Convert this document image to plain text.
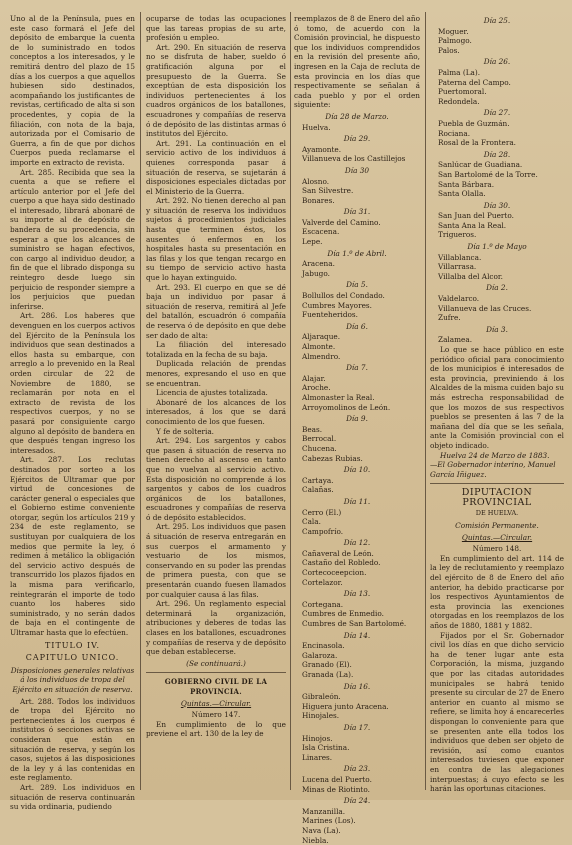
Uno al de la Península, pues en este caso formará el Jefe del depósito de embarque la cuenta de lo suministrado en todos conceptos a los interesados, y le remitirá dentro del plazo de 15 días a los cuerpos a que aquellos hubiesen sido destinados, acompañando los justificantes de revistas, certificado de alta si son procedentes, y copia de la filiación, con nota de la baja, autorizada por el Comisario de Guerra, a fin de que por dichos Cuerpos pueda reclamarse el importe en extracto de revista.

Art. 285. Recibida que sea la cuenta a que se refiere el artículo anterior por el Jefe del cuerpo a que haya sido destinado el interesado, librará abonaré de su importe al de depósito de bandera de su procedencia, sin esperar a que los alcances de suministro se hagan efectivos, con cargo al individuo deudor, a fin de que el librado disponga su reintegro desde luego sin perjuicio de responder siempre a los perjuicios que puedan inferirse.

Art. 286. Los haberes que devenguen en los cuerpos activos del Ejército de la Península los individuos que sean destinados a ellos hasta su embarque, con arreglo a lo prevenido en la Real orden circular de 22 de Noviembre de 1880, se reclamarán por nota en el extracto de revista de los respectivos cuerpos, y no se pasará por consiguiente cargo alguno al depósito de bandera en que después tengan ingreso los interesados.

Art. 287. Los reclutas destinados por sorteo a los Ejércitos de Ultramar que por virtud de concesiones de carácter general o especiales que el Gobierno estime conveniente otorgar, según los artículos 219 y 234 de este reglamento, se sustituyan por cualquiera de los medios que permite la ley, ó redimen á metálico la obligación del servicio activo después de transcurrido los plazos fijados en la misma para verificarlo, reintegrarán el importe de todo cuanto los haberes sido suministrado, y no serán dados de baja en el contingente de Ultramar hasta que lo efectúen.

TITULO IV.
CAPITULO UNICO.
Disposiciones generales relativas á los individuos de tropa del Ejército en situación de reserva.

Art. 288. Todos los individuos de tropa del Ejército no pertenecientes á los cuerpos é institutos ó secciones activas se consideran que están en situación de reserva, y según los casos, sujetos á las disposiciones de la ley y á las contenidas en este reglamento.

Art. 289. Los individuos en situación de reserva continuarán su vida ordinaria, pudiendo

ocuparse de todas las ocupaciones que las tareas propias de su arte, profesión u empleo.

Art. 290. En situación de reserva no se disfruta de haber, sueldo ó gratificación alguna por el presupuesto de la Guerra. Se exceptúan de esta disposición los individuos pertenecientes á los cuadros orgánicos de los batallones, escuadrones y compañías de reserva ó de depósito de las distintas armas ó institutos del Ejército.

Art. 291. La continuación en el servicio activo de los individuos á quienes corresponda pasar á situación de reserva, se sujetarán á disposiciones especiales dictadas por el Ministerio de la Guerra.

Art. 292. No tienen derecho al pan y situación de reserva los individuos sujetos á procedimientos judiciales hasta que terminen éstos, los ausentes ó enfermos en los hospitales hasta su presentación en las filas y los que tengan recargo en su tiempo de servicio activo hasta que lo hayan extinguido.

Art. 293. El cuerpo en que se dé baja un individuo por pasar á situación de reserva, remitirá al Jefe del batallón, escuadrón ó compañía de reserva ó de depósito en que debe ser dado de alta:

La filiación del interesado totalizada en la fecha de su baja.

Duplicada relación de prendas menores, expresando el uso en que se encuentran.

Licencia de ajustes totalizada.

Abonaré de los alcances de los interesados, á los que se dará conocimiento de los que fuesen.

Y fe de solteria.

Art. 294. Los sargentos y cabos que pasen á situación de reserva no tienen derecho al ascenso en tanto que no vuelvan al servicio activo. Esta disposición no comprende á los sargentos y cabos de los cuadros orgánicos de los batallones, escuadrones y compañías de reserva ó de depósito establecidos.

Art. 295. Los individuos que pasen á situación de reserva entregarán en sus cuerpos el armamento y vestuario de los mismos, conservando en su poder las prendas de primera puesta, con que se presentarán cuando fuesen llamados por cualquier causa á las filas.

Art. 296. Un reglamento especial determinará la organización, atribuciones y deberes de todas las clases en los batallones, escuadrones y compañías de reserva y de depósito que deban establecerse.

(Se continuará.)
GOBIERNO CIVIL DE LA PROVINCIA.
Quintas.—Circular.
Número 147.

En cumplimiento de lo que previene el art. 130 de la ley de

reemplazos de 8 de Enero del año ó tomo, de acuerdo con la Comisión provincial, he dispuesto que los individuos comprendidos en la revisión del presente año, ingresen en la Caja de recluta de esta provincia en los días que respectivamente se señalan á cada pueblo y por el orden siguiente:

Día 28 de Marzo.
Huelva.
Día 29.
Ayamonte.
Villanueva de los Castillejos
Día 30
Alosno.
San Silvestre.
Bonares.
Día 31.
Valverde del Camino.
Escacena.
Lepe.
Día 1.º de Abril.
Aracena.
Jabugo.
Día 5.
Bollullos del Condado.
Cumbres Mayores.
Fuenteheridos.
Día 6.
Aljaraque.
Almonte.
Almendro.
Día 7.
Alajar.
Aroche.
Almonaster la Real.
Arroyomolinos de León.
Día 9.
Beas.
Berrocal.
Chucena.
Cabezas Rubias.
Día 10.
Cartaya.
Calañas.
Día 11.
Cerro (El.)
Cala.
Campofrío.
Día 12.
Cañaveral de León.
Castaño del Robledo.
Cortecoceepcion.
Cortelazor.
Día 13.
Cortegana.
Cumbres de Enmedio.
Cumbres de San Bartolomé.
Día 14.
Encinasola.
Galaroza.
Granado (El).
Granada (La).
Día 16.
Gibraleón.
Higuera junto Aracena.
Hinojales.
Día 17.
Hinojos.
Isla Cristina.
Linares.
Día 23.
Lucena del Puerto.
Minas de Riotinto.
Día 24.
Manzanilla.
Marines (Los).
Nava (La).
Niebla.
Día 25.
Moguer.
Palmogo.
Palos.
Día 26.
Palma (La).
Paterna del Campo.
Puertomoral.
Redondela.
Día 27.
Puebla de Guzmán.
Rociana.
Rosal de la Frontera.
Día 28.
Sanlúcar de Guadiana.
San Bartolomé de la Torre.
Santa Bárbara.
Santa Olalla.
Día 30.
San Juan del Puerto.
Santa Ana la Real.
Trigueros.
Día 1.º de Mayo
Villablanca.
Villarrasa.
Villalba del Alcor.
Día 2.
Valdelarco.
Villanueva de las Cruces.
Zufre.
Día 3.
Zalamea.

Lo que se hace público en este periódico oficial para conocimiento de los municipios é interesados de esta provincia, previniendo á los Alcaldes de la misma cuiden bajo su más estrecha responsabilidad de que los mozos de sus respectivos pueblos se presenten á las 7 de la mañana del día que se les señala, ante la Comisión provincial con el objeto indicado.

Huelva 24 de Marzo de 1883.

—El Gobernador interino, Manuel García Iñiguez.

DIPUTACION PROVINCIAL
DE HUELVA.
Comisión Permanente.
Quintas.—Circular.
Número 148.

En cumplimiento del art. 114 de la ley de reclutamiento y reemplazo del ejército de 8 de Enero del año anterior, ha debido practicarse por los respectivos Ayuntamientos de esta provincia las exenciones otorgadas en los reemplazos de los años de 1880, 1881 y 1882.

Fijados por el Sr. Gobernador civil los días en que dicho servicio ha de tener lugar ante esta Corporación, la misma, juzgando que por las citadas autoridades municipales se habrá tenido presente su circular de 27 de Enero anterior en cuanto al mismo se refiere, se limita hoy á encarecerles dispongan lo conveniente para que se presenten ante ella todos los individuos que deben ser objeto de revisión, así como cuantos interesados tuviesen que exponer en contra de las alegaciones interpuestas; á cuyo efecto se les harán las oportunas citaciones.
